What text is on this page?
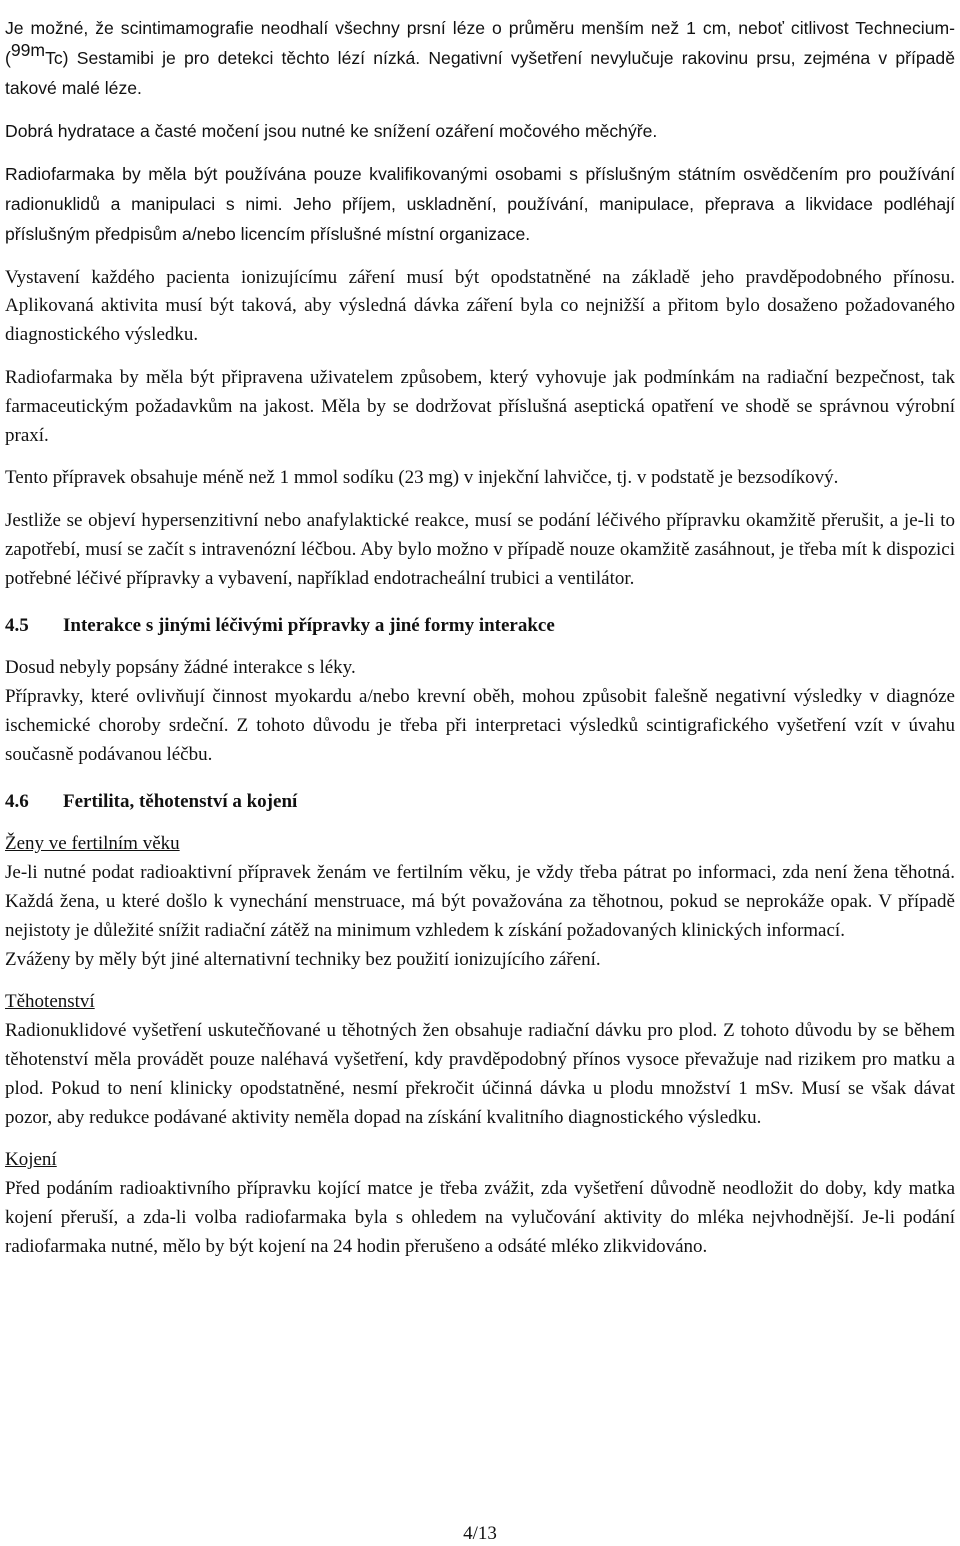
Je možné, že scintimamografie neodhalí všechny prsní léze o průměru menším než 1 cm, neboť citlivost Technecium-($^{99m}$Tc) Sestamibi je pro detekci těchto lézí nízká. Negativní vyšetření nevylučuje rakovinu prsu, zejména v případě takové malé léze.

Dobrá hydratace a časté močení jsou nutné ke snížení ozáření močového měchýře.

Radiofarmaka by měla být používána pouze kvalifikovanými osobami s příslušným státním osvědčením pro používání radionuklidů a manipulaci s nimi. Jeho příjem, uskladnění, používání, manipulace, přeprava a likvidace podléhají příslušným předpisům a/nebo licencím příslušné místní organizace.

Vystavení každého pacienta ionizujícímu záření musí být opodstatněné na základě jeho pravděpodobného přínosu. Aplikovaná aktivita musí být taková, aby výsledná dávka záření byla co nejnižší a přitom bylo dosaženo požadovaného diagnostického výsledku.

Radiofarmaka by měla být připravena uživatelem způsobem, který vyhovuje jak podmínkám na radiační bezpečnost, tak farmaceutickým požadavkům na jakost. Měla by se dodržovat příslušná aseptická opatření ve shodě se správnou výrobní praxí.

Tento přípravek obsahuje méně než 1 mmol sodíku (23 mg) v injekční lahvičce, tj. v podstatě je bezsodíkový.

Jestliže se objeví hypersenzitivní nebo anafylaktické reakce, musí se podání léčivého přípravku okamžitě přerušit, a je-li to zapotřebí, musí se začít s intravenózní léčbou. Aby bylo možno v případě nouze okamžitě zasáhnout, je třeba mít k dispozici potřebné léčivé přípravky a vybavení, například endotracheální trubici a ventilátor.

4.5 Interakce s jinými léčivými přípravky a jiné formy interakce

Dosud nebyly popsány žádné interakce s léky.

Přípravky, které ovlivňují činnost myokardu a/nebo krevní oběh, mohou způsobit falešně negativní výsledky v diagnóze ischemické choroby srdeční. Z tohoto důvodu je třeba při interpretaci výsledků scintigrafického vyšetření vzít v úvahu současně podávanou léčbu.

4.6 Fertilita, těhotenství a kojení

Ženy ve fertilním věku

Je-li nutné podat radioaktivní přípravek ženám ve fertilním věku, je vždy třeba pátrat po informaci, zda není žena těhotná. Každá žena, u které došlo k vynechání menstruace, má být považována za těhotnou, pokud se neprokáže opak. V případě nejistoty je důležité snížit radiační zátěž na minimum vzhledem k získání požadovaných klinických informací.

Zváženy by měly být jiné alternativní techniky bez použití ionizujícího záření.

Těhotenství

Radionuklidové vyšetření uskutečňované u těhotných žen obsahuje radiační dávku pro plod. Z tohoto důvodu by se během těhotenství měla provádět pouze naléhavá vyšetření, kdy pravděpodobný přínos vysoce převažuje nad rizikem pro matku a plod. Pokud to není klinicky opodstatněné, nesmí překročit účinná dávka u plodu množství 1 mSv. Musí se však dávat pozor, aby redukce podávané aktivity neměla dopad na získání kvalitního diagnostického výsledku.

Kojení

Před podáním radioaktivního přípravku kojící matce je třeba zvážit, zda vyšetření důvodně neodložit do doby, kdy matka kojení přeruší, a zda-li volba radiofarmaka byla s ohledem na vylučování aktivity do mléka nejvhodnější. Je-li podání radiofarmaka nutné, mělo by být kojení na 24 hodin přerušeno a odsáté mléko zlikvidováno.

4/13
